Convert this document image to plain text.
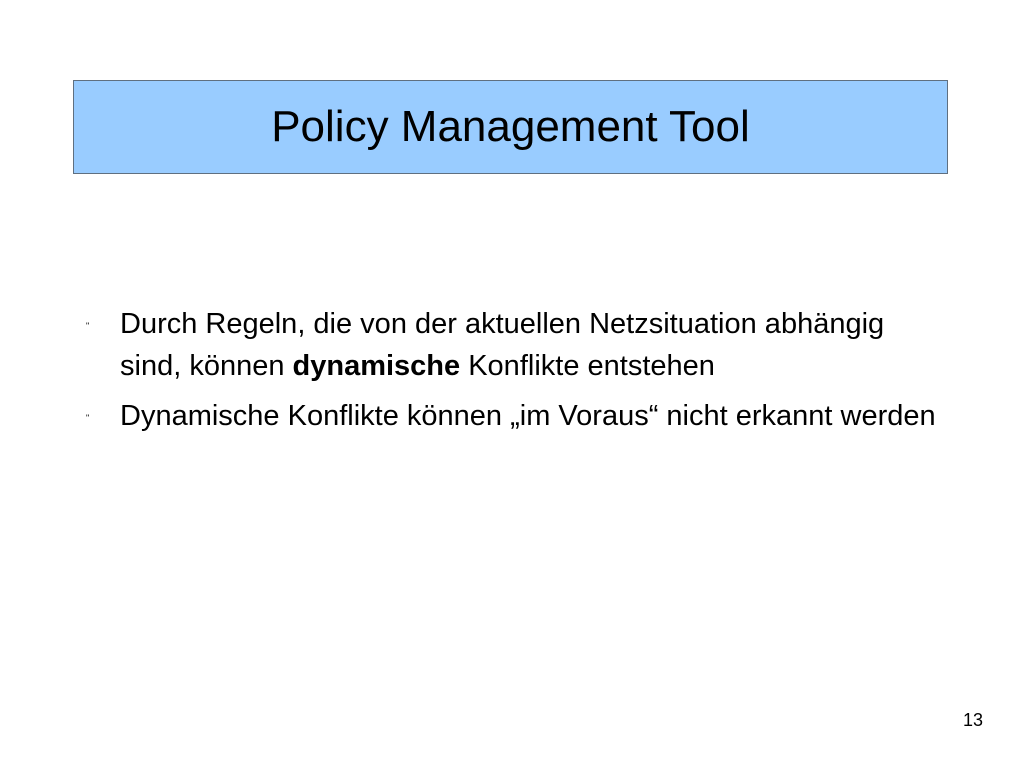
Policy Management Tool
" Durch Regeln, die von der aktuellen Netzsituation abhängig sind, können dynamische Konflikte entstehen
" Dynamische Konflikte können „im Voraus“ nicht erkannt werden
13
